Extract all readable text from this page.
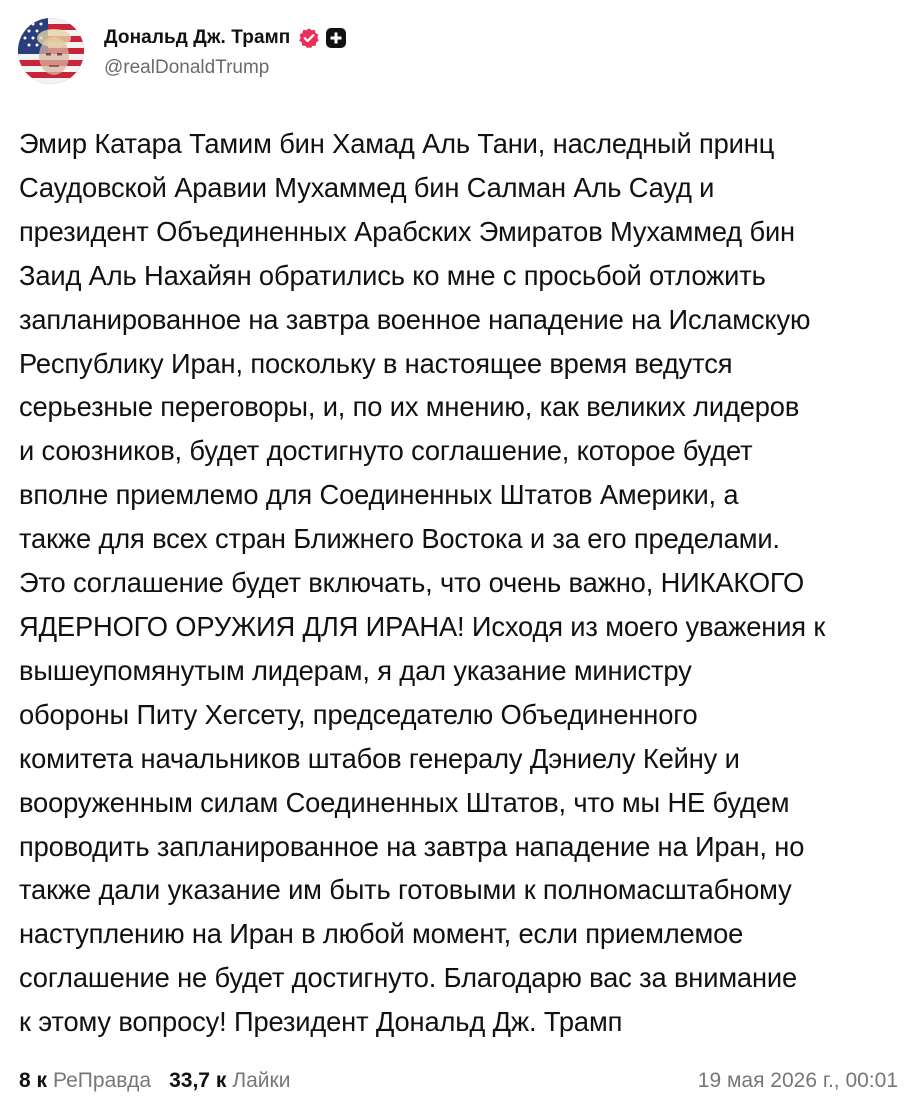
Дональд Дж. Трамп
@realDonaldTrump
Эмир Катара Тамим бин Хамад Аль Тани, наследный принц
Саудовской Аравии Мухаммед бин Салман Аль Сауд и
президент Объединенных Арабских Эмиратов Мухаммед бин
Заид Аль Нахайян обратились ко мне с просьбой отложить
запланированное на завтра военное нападение на Исламскую
Республику Иран, поскольку в настоящее время ведутся
серьезные переговоры, и, по их мнению, как великих лидеров
и союзников, будет достигнуто соглашение, которое будет
вполне приемлемо для Соединенных Штатов Америки, а
также для всех стран Ближнего Востока и за его пределами.
Это соглашение будет включать, что очень важно, НИКАКОГО
ЯДЕРНОГО ОРУЖИЯ ДЛЯ ИРАНА! Исходя из моего уважения к
вышеупомянутым лидерам, я дал указание министру
обороны Питу Хегсету, председателю Объединенного
комитета начальников штабов генералу Дэниелу Кейну и
вооруженным силам Соединенных Штатов, что мы НЕ будем
проводить запланированное на завтра нападение на Иран, но
также дали указание им быть готовыми к полномасштабному
наступлению на Иран в любой момент, если приемлемое
соглашение не будет достигнуто. Благодарю вас за внимание
к этому вопросу! Президент Дональд Дж. Трамп
8 к РеПравда 33,7 к Лайки	19 мая 2026 г., 00:01
